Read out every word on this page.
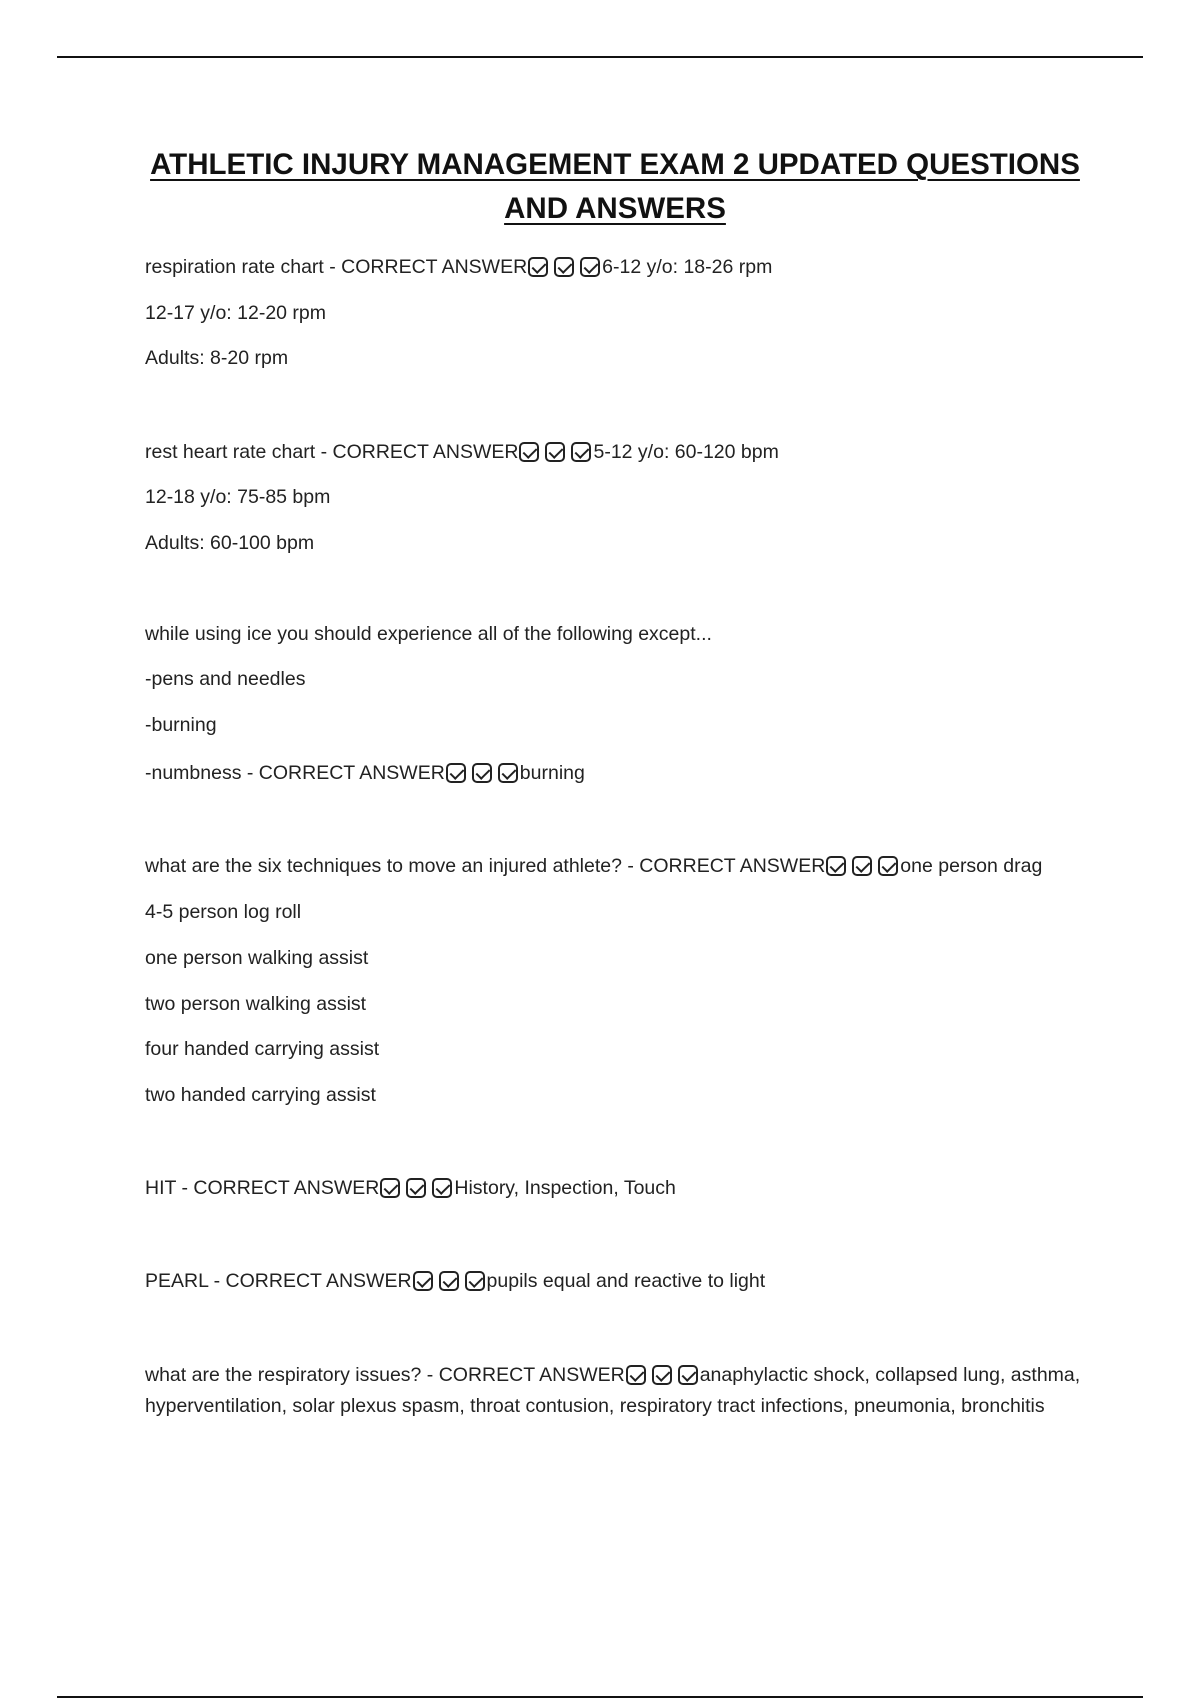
ATHLETIC INJURY MANAGEMENT EXAM 2 UPDATED QUESTIONS
AND ANSWERS
respiration rate chart - CORRECT ANSWER	6-12 y/o: 18-26 rpm
12-17 y/o: 12-20 rpm
Adults: 8-20 rpm
rest heart rate chart - CORRECT ANSWER	5-12 y/o: 60-120 bpm
12-18 y/o: 75-85 bpm
Adults: 60-100 bpm
while using ice you should experience all of the following except...
-pens and needles
-burning
-numbness - CORRECT ANSWER	burning
what are the six techniques to move an injured athlete? - CORRECT ANSWER	one person drag
4-5 person log roll
one person walking assist
two person walking assist
four handed carrying assist
two handed carrying assist
HIT - CORRECT ANSWER	History, Inspection, Touch
PEARL - CORRECT ANSWER	pupils equal and reactive to light
what are the respiratory issues? - CORRECT ANSWER	anaphylactic shock, collapsed lung, asthma, hyperventilation, solar plexus spasm, throat contusion, respiratory tract infections, pneumonia, bronchitis
